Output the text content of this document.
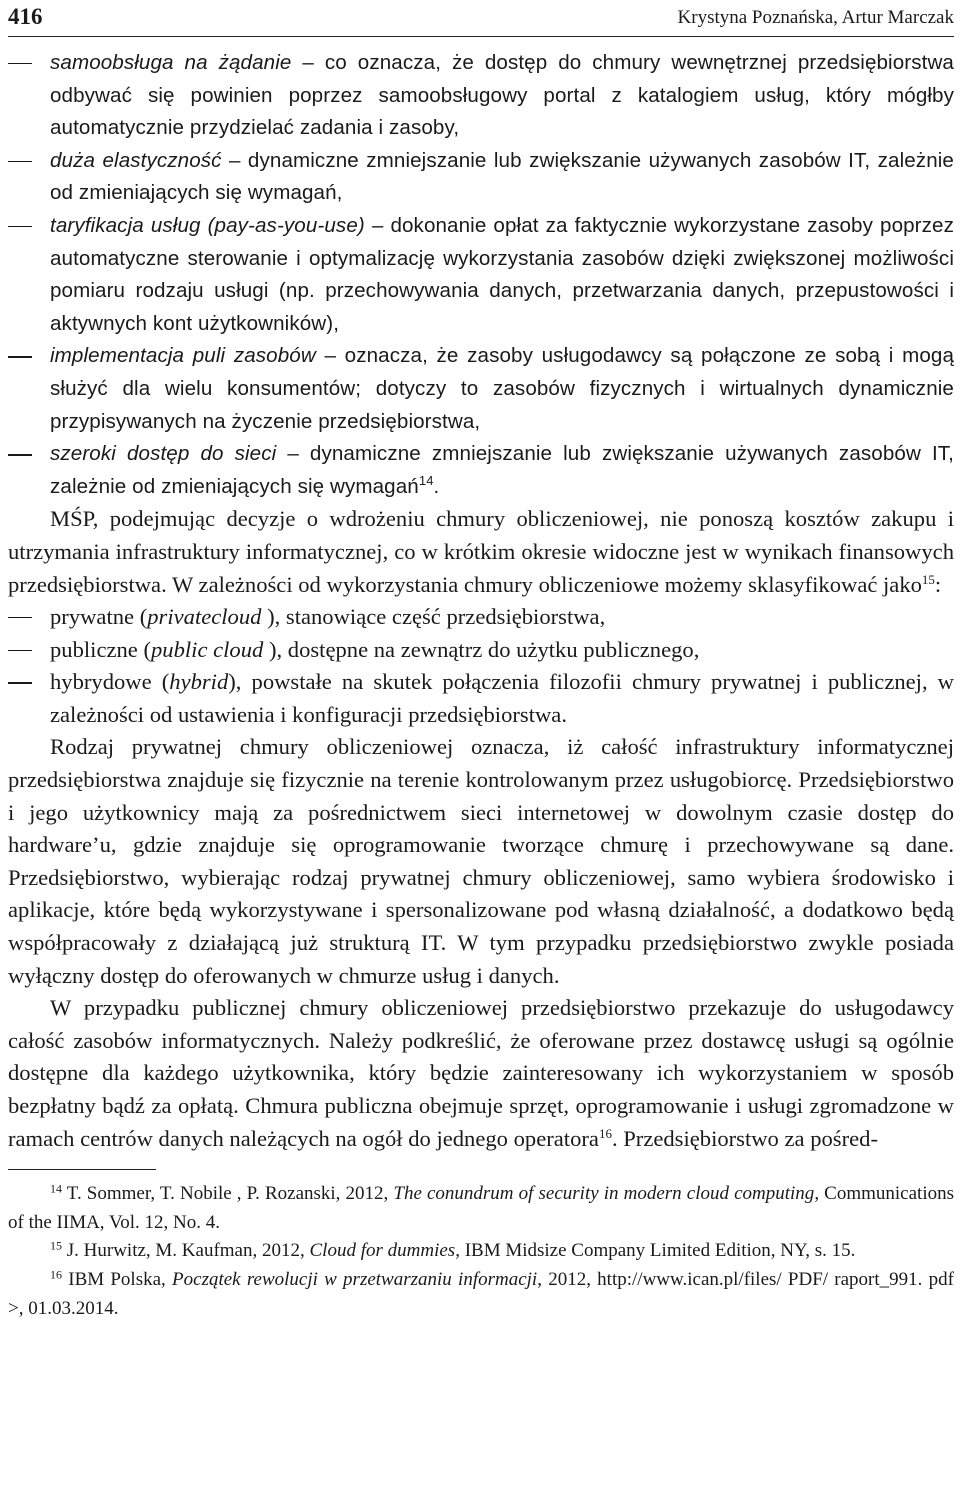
416	Krystyna Poznańska, Artur Marczak
samoobsługa na żądanie – co oznacza, że dostęp do chmury wewnętrznej przedsiębiorstwa odbywać się powinien poprzez samoobsługowy portal z katalogiem usług, który mógłby automatycznie przydzielać zadania i zasoby,
duża elastyczność – dynamiczne zmniejszanie lub zwiększanie używanych zasobów IT, zależnie od zmieniających się wymagań,
taryfikacja usług (pay-as-you-use) – dokonanie opłat za faktycznie wykorzystane zasoby poprzez automatyczne sterowanie i optymalizację wykorzystania zasobów dzięki zwiększonej możliwości pomiaru rodzaju usługi (np. przechowywania danych, przetwarzania danych, przepustowości i aktywnych kont użytkowników),
implementacja puli zasobów – oznacza, że zasoby usługodawcy są połączone ze sobą i mogą służyć dla wielu konsumentów; dotyczy to zasobów fizycznych i wirtualnych dynamicznie przypisywanych na życzenie przedsiębiorstwa,
szeroki dostęp do sieci – dynamiczne zmniejszanie lub zwiększanie używanych zasobów IT, zależnie od zmieniających się wymagań$^{14}$.
MŚP, podejmując decyzje o wdrożeniu chmury obliczeniowej, nie ponoszą kosztów zakupu i utrzymania infrastruktury informatycznej, co w krótkim okresie widoczne jest w wynikach finansowych przedsiębiorstwa. W zależności od wykorzystania chmury obliczeniowe możemy sklasyfikować jako$^{15}$:
prywatne (privatecloud ), stanowiące część przedsiębiorstwa,
publiczne (public cloud ), dostępne na zewnątrz do użytku publicznego,
hybrydowe (hybrid), powstałe na skutek połączenia filozofii chmury prywatnej i publicznej, w zależności od ustawienia i konfiguracji przedsiębiorstwa.
Rodzaj prywatnej chmury obliczeniowej oznacza, iż całość infrastruktury informatycznej przedsiębiorstwa znajduje się fizycznie na terenie kontrolowanym przez usługobiorcę. Przedsiębiorstwo i jego użytkownicy mają za pośrednictwem sieci internetowej w dowolnym czasie dostęp do hardware’u, gdzie znajduje się oprogramowanie tworzące chmurę i przechowywane są dane. Przedsiębiorstwo, wybierając rodzaj prywatnej chmury obliczeniowej, samo wybiera środowisko i aplikacje, które będą wykorzystywane i spersonalizowane pod własną działalność, a dodatkowo będą współpracowały z działającą już strukturą IT. W tym przypadku przedsiębiorstwo zwykle posiada wyłączny dostęp do oferowanych w chmurze usług i danych.
W przypadku publicznej chmury obliczeniowej przedsiębiorstwo przekazuje do usługodawcy całość zasobów informatycznych. Należy podkreślić, że oferowane przez dostawcę usługi są ogólnie dostępne dla każdego użytkownika, który będzie zainteresowany ich wykorzystaniem w sposób bezpłatny bądź za opłatą. Chmura publiczna obejmuje sprzęt, oprogramowanie i usługi zgromadzone w ramach centrów danych należących na ogół do jednego operatora$^{16}$. Przedsiębiorstwo za pośred-
$^{14}$ T. Sommer, T. Nobile , P. Rozanski, 2012, The conundrum of security in modern cloud computing, Communications of the IIMA, Vol. 12, No. 4.
$^{15}$ J. Hurwitz, M. Kaufman, 2012, Cloud for dummies, IBM Midsize Company Limited Edition, NY, s. 15.
$^{16}$ IBM Polska, Początek rewolucji w przetwarzaniu informacji, 2012, http://www.ican.pl/files/ PDF/ raport_991. pdf >, 01.03.2014.
